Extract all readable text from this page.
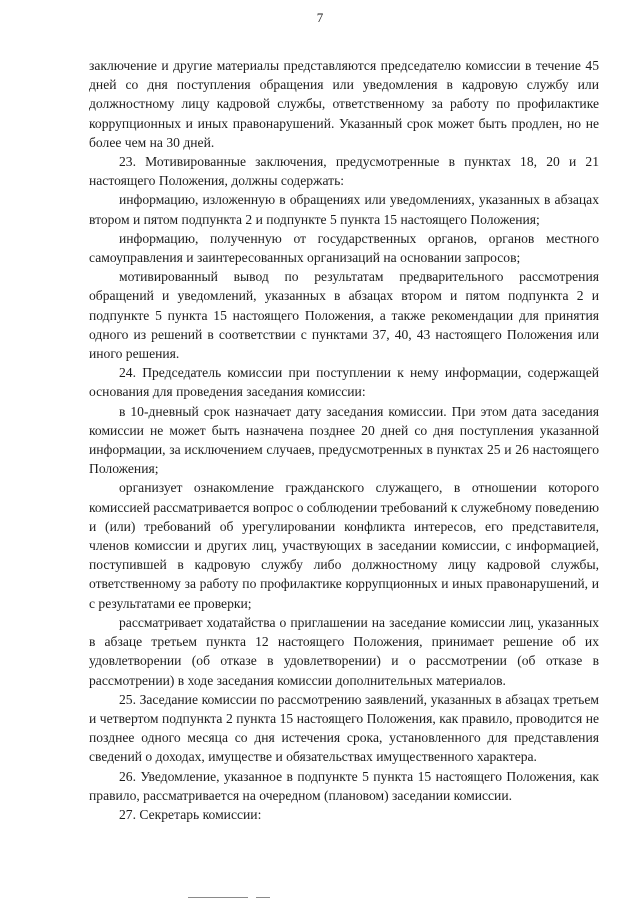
7

заключение и другие материалы представляются председателю комиссии в течение 45 дней со дня поступления обращения или уведомления в кадровую службу или должностному лицу кадровой службы, ответственному за работу по профилактике коррупционных и иных правонарушений. Указанный срок может быть продлен, но не более чем на 30 дней.

23. Мотивированные заключения, предусмотренные в пунктах 18, 20 и 21 настоящего Положения, должны содержать:

информацию, изложенную в обращениях или уведомлениях, указанных в абзацах втором и пятом подпункта 2 и подпункте 5 пункта 15 настоящего Положения;

информацию, полученную от государственных органов, органов местного самоуправления и заинтересованных организаций на основании запросов;

мотивированный вывод по результатам предварительного рассмотрения обращений и уведомлений, указанных в абзацах втором и пятом подпункта 2 и подпункте 5 пункта 15 настоящего Положения, а также рекомендации для принятия одного из решений в соответствии с пунктами 37, 40, 43 настоящего Положения или иного решения.

24. Председатель комиссии при поступлении к нему информации, содержащей основания для проведения заседания комиссии:

в 10-дневный срок назначает дату заседания комиссии. При этом дата заседания комиссии не может быть назначена позднее 20 дней со дня поступления указанной информации, за исключением случаев, предусмотренных в пунктах 25 и 26 настоящего Положения;

организует ознакомление гражданского служащего, в отношении которого комиссией рассматривается вопрос о соблюдении требований к служебному поведению и (или) требований об урегулировании конфликта интересов, его представителя, членов комиссии и других лиц, участвующих в заседании комиссии, с информацией, поступившей в кадровую службу либо должностному лицу кадровой службы, ответственному за работу по профилактике коррупционных и иных правонарушений, и с результатами ее проверки;

рассматривает ходатайства о приглашении на заседание комиссии лиц, указанных в абзаце третьем пункта 12 настоящего Положения, принимает решение об их удовлетворении (об отказе в удовлетворении) и о рассмотрении (об отказе в рассмотрении) в ходе заседания комиссии дополнительных материалов.

25. Заседание комиссии по рассмотрению заявлений, указанных в абзацах третьем и четвертом подпункта 2 пункта 15 настоящего Положения, как правило, проводится не позднее одного месяца со дня истечения срока, установленного для представления сведений о доходах, имуществе и обязательствах имущественного характера.

26. Уведомление, указанное в подпункте 5 пункта 15 настоящего Положения, как правило, рассматривается на очередном (плановом) заседании комиссии.

27. Секретарь комиссии:
